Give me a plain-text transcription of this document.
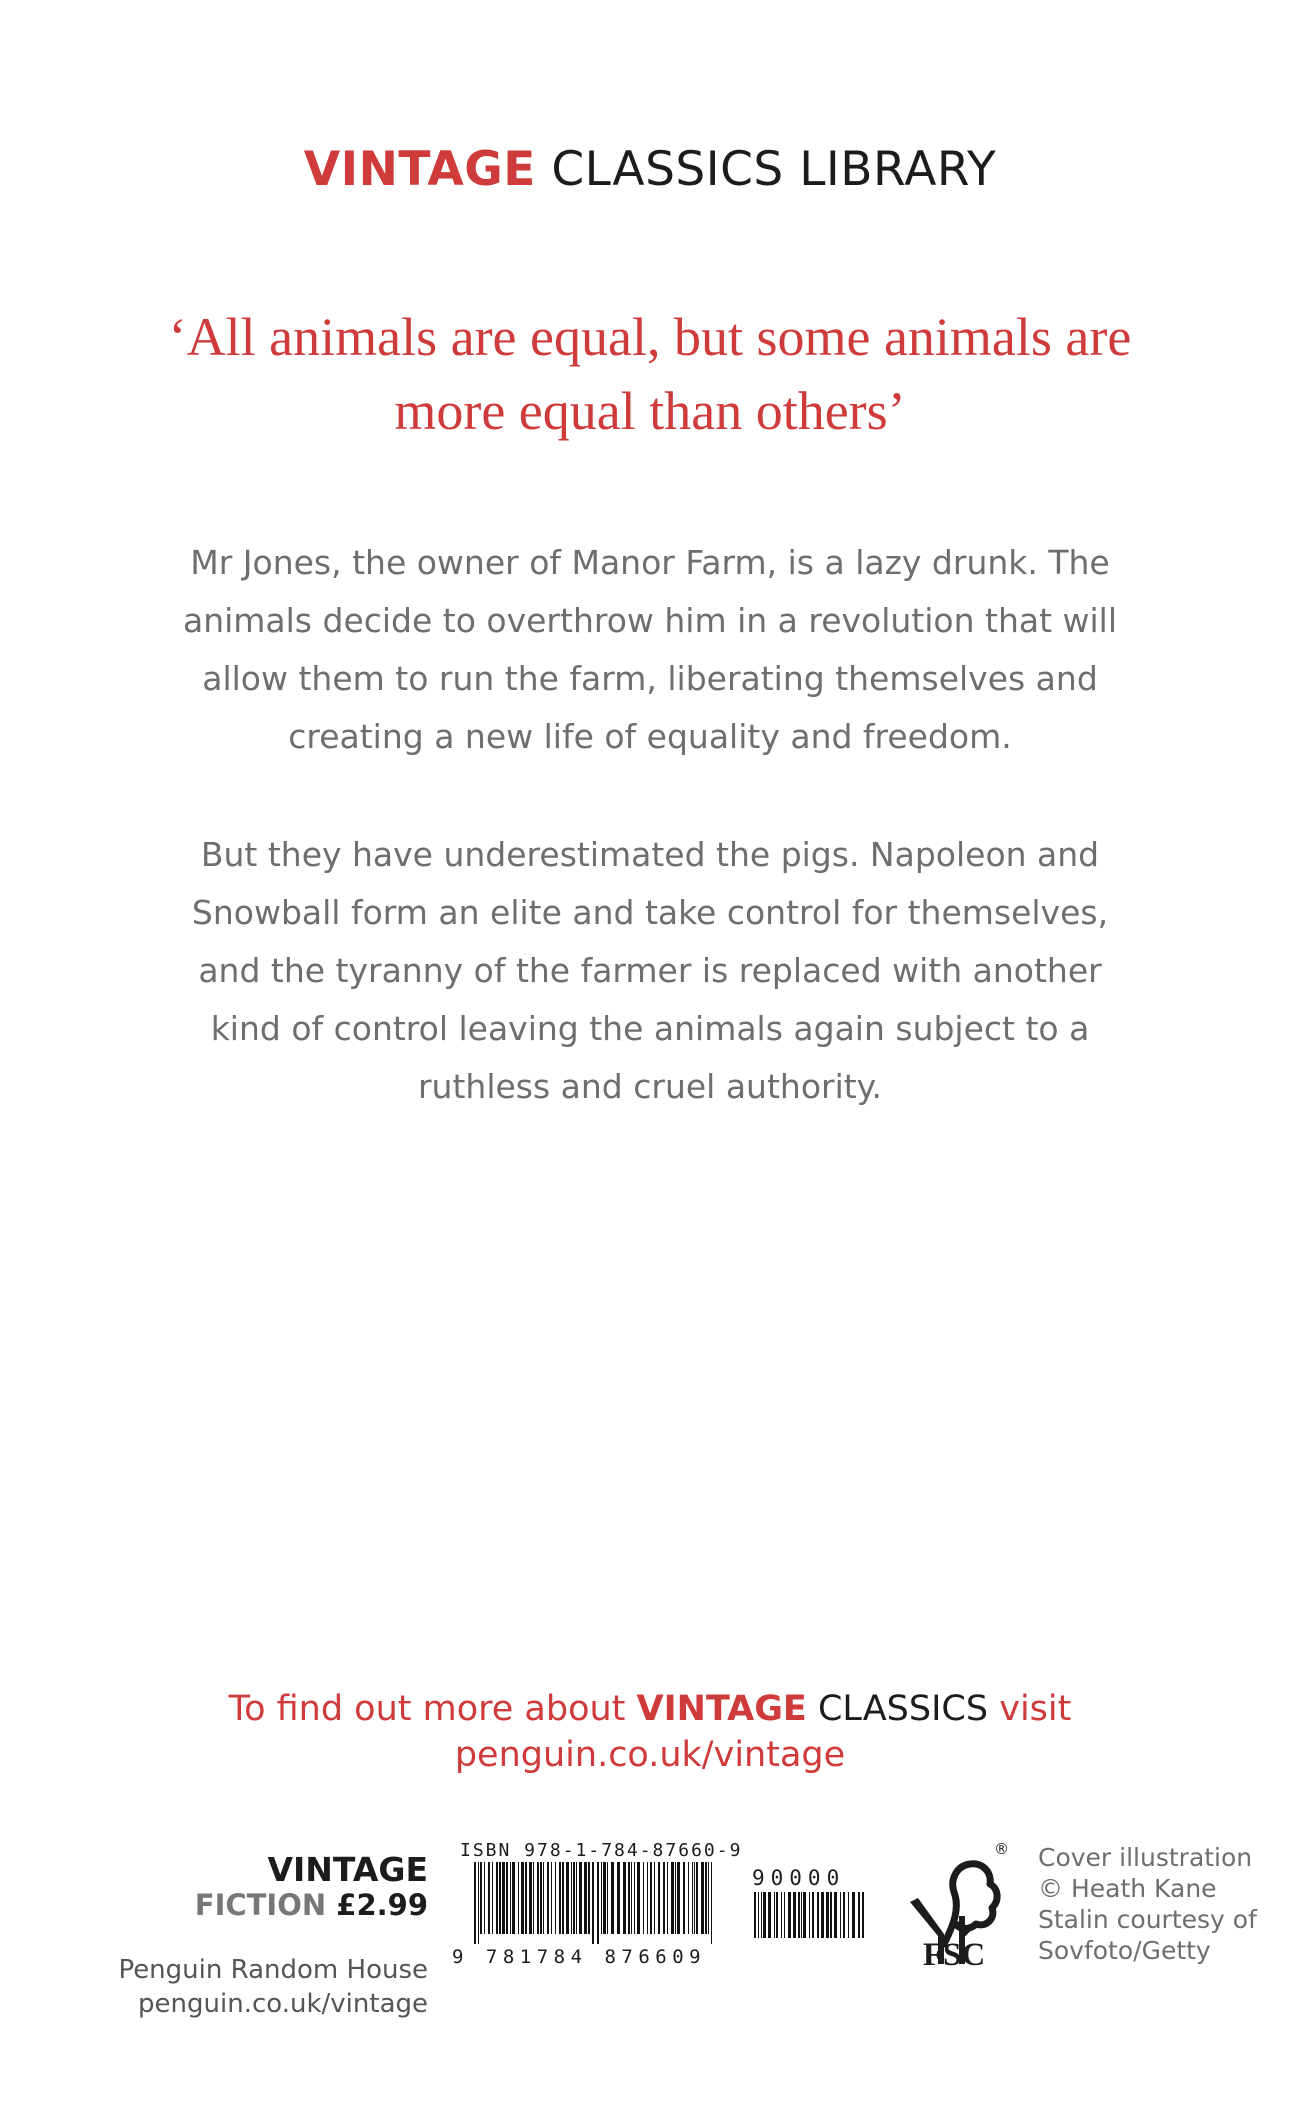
VINTAGE CLASSICS LIBRARY
‘All animals are equal, but some animals are
more equal than others’
Mr Jones, the owner of Manor Farm, is a lazy drunk. The
animals decide to overthrow him in a revolution that will
allow them to run the farm, liberating themselves and
creating a new life of equality and freedom.
But they have underestimated the pigs. Napoleon and
Snowball form an elite and take control for themselves,
and the tyranny of the farmer is replaced with another
kind of control leaving the animals again subject to a
ruthless and cruel authority.
To find out more about VINTAGE CLASSICS visit
penguin.co.uk/vintage
VINTAGE
FICTION £2.99
Penguin Random House
penguin.co.uk/vintage
ISBN 978-1-784-87660-9
9 781784 876609
90000
®
FSC
Cover illustration
© Heath Kane
Stalin courtesy of
Sovfoto/Getty
